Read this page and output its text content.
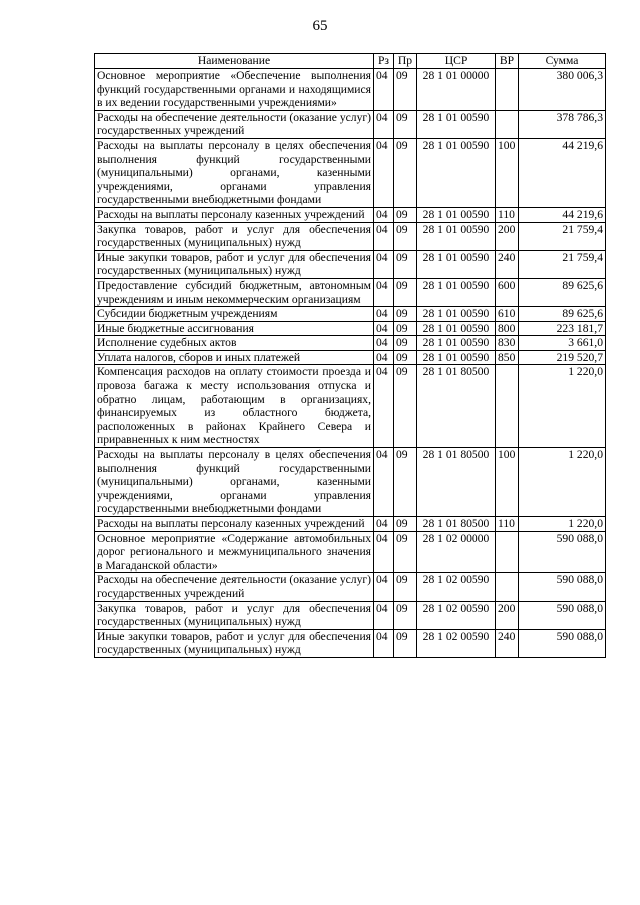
65
Наименование	Рз	Пр	ЦСР	ВР	Сумма
Основное мероприятие «Обеспечение выполнения функций государственными органами и находящимися в их ведении государственными учреждениями»	04	09	28 1 01 00000		380 006,3
Расходы на обеспечение деятельности (оказание услуг) государственных учреждений	04	09	28 1 01 00590		378 786,3
Расходы на выплаты персоналу в целях обеспечения выполнения функций государственными (муниципальными) органами, казенными учреждениями, органами управления государственными внебюджетными фондами	04	09	28 1 01 00590	100	44 219,6
Расходы на выплаты персоналу казенных учреждений	04	09	28 1 01 00590	110	44 219,6
Закупка товаров, работ и услуг для обеспечения государственных (муниципальных) нужд	04	09	28 1 01 00590	200	21 759,4
Иные закупки товаров, работ и услуг для обеспечения государственных (муниципальных) нужд	04	09	28 1 01 00590	240	21 759,4
Предоставление субсидий бюджетным, автономным учреждениям и иным некоммерческим организациям	04	09	28 1 01 00590	600	89 625,6
Субсидии бюджетным учреждениям	04	09	28 1 01 00590	610	89 625,6
Иные бюджетные ассигнования	04	09	28 1 01 00590	800	223 181,7
Исполнение судебных актов	04	09	28 1 01 00590	830	3 661,0
Уплата налогов, сборов и иных платежей	04	09	28 1 01 00590	850	219 520,7
Компенсация расходов на оплату стоимости проезда и провоза багажа к месту использования отпуска и обратно лицам, работающим в организациях, финансируемых из областного бюджета, расположенных в районах Крайнего Севера и приравненных к ним местностях	04	09	28 1 01 80500		1 220,0
Расходы на выплаты персоналу в целях обеспечения выполнения функций государственными (муниципальными) органами, казенными учреждениями, органами управления государственными внебюджетными фондами	04	09	28 1 01 80500	100	1 220,0
Расходы на выплаты персоналу казенных учреждений	04	09	28 1 01 80500	110	1 220,0
Основное мероприятие «Содержание автомобильных дорог регионального и межмуниципального значения в Магаданской области»	04	09	28 1 02 00000		590 088,0
Расходы на обеспечение деятельности (оказание услуг) государственных учреждений	04	09	28 1 02 00590		590 088,0
Закупка товаров, работ и услуг для обеспечения государственных (муниципальных) нужд	04	09	28 1 02 00590	200	590 088,0
Иные закупки товаров, работ и услуг для обеспечения государственных (муниципальных) нужд	04	09	28 1 02 00590	240	590 088,0
